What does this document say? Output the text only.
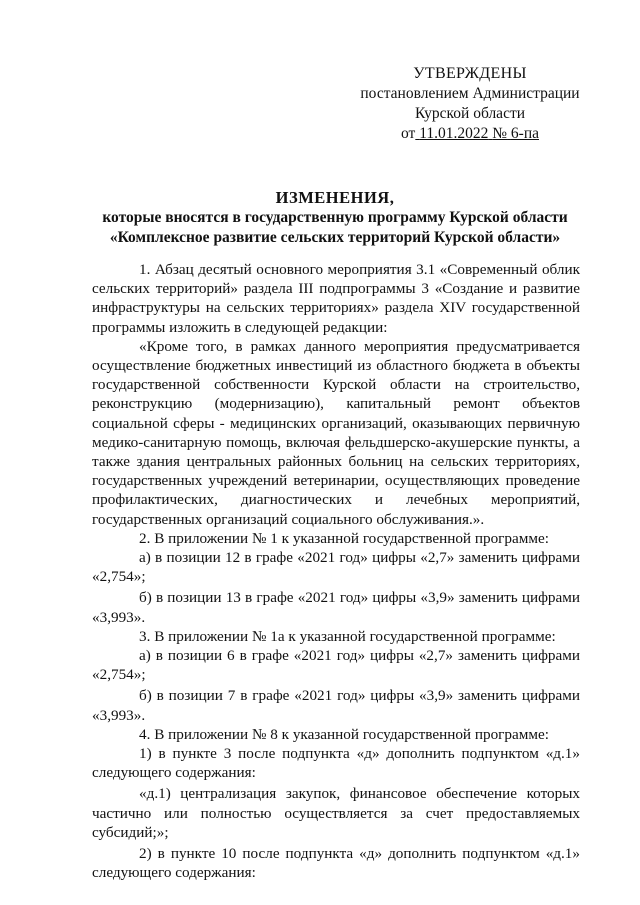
УТВЕРЖДЕНЫ
постановлением Администрации
Курской области
от 11.01.2022 № 6-па
ИЗМЕНЕНИЯ,
которые вносятся в государственную программу Курской области
«Комплексное развитие сельских территорий Курской области»

1. Абзац десятый основного мероприятия 3.1 «Современный облик сельских территорий» раздела III подпрограммы 3 «Создание и развитие инфраструктуры на сельских территориях» раздела XIV государственной программы изложить в следующей редакции:

«Кроме того, в рамках данного мероприятия предусматривается осуществление бюджетных инвестиций из областного бюджета в объекты государственной собственности Курской области на строительство, реконструкцию (модернизацию), капитальный ремонт объектов социальной сферы - медицинских организаций, оказывающих первичную медико-санитарную помощь, включая фельдшерско-акушерские пункты, а также здания центральных районных больниц на сельских территориях, государственных учреждений ветеринарии, осуществляющих проведение профилактических, диагностических и лечебных мероприятий, государственных организаций социального обслуживания.».

2. В приложении № 1 к указанной государственной программе:

а) в позиции 12 в графе «2021 год» цифры «2,7» заменить цифрами «2,754»;

б) в позиции 13 в графе «2021 год» цифры «3,9» заменить цифрами «3,993».

3. В приложении № 1а к указанной государственной программе:

а) в позиции 6 в графе «2021 год» цифры «2,7» заменить цифрами «2,754»;

б) в позиции 7 в графе «2021 год» цифры «3,9» заменить цифрами «3,993».

4. В приложении № 8 к указанной государственной программе:

1) в пункте 3 после подпункта «д» дополнить подпунктом «д.1» следующего содержания:

«д.1) централизация закупок, финансовое обеспечение которых частично или полностью осуществляется за счет предоставляемых субсидий;»;

2) в пункте 10 после подпункта «д» дополнить подпунктом «д.1» следующего содержания:
